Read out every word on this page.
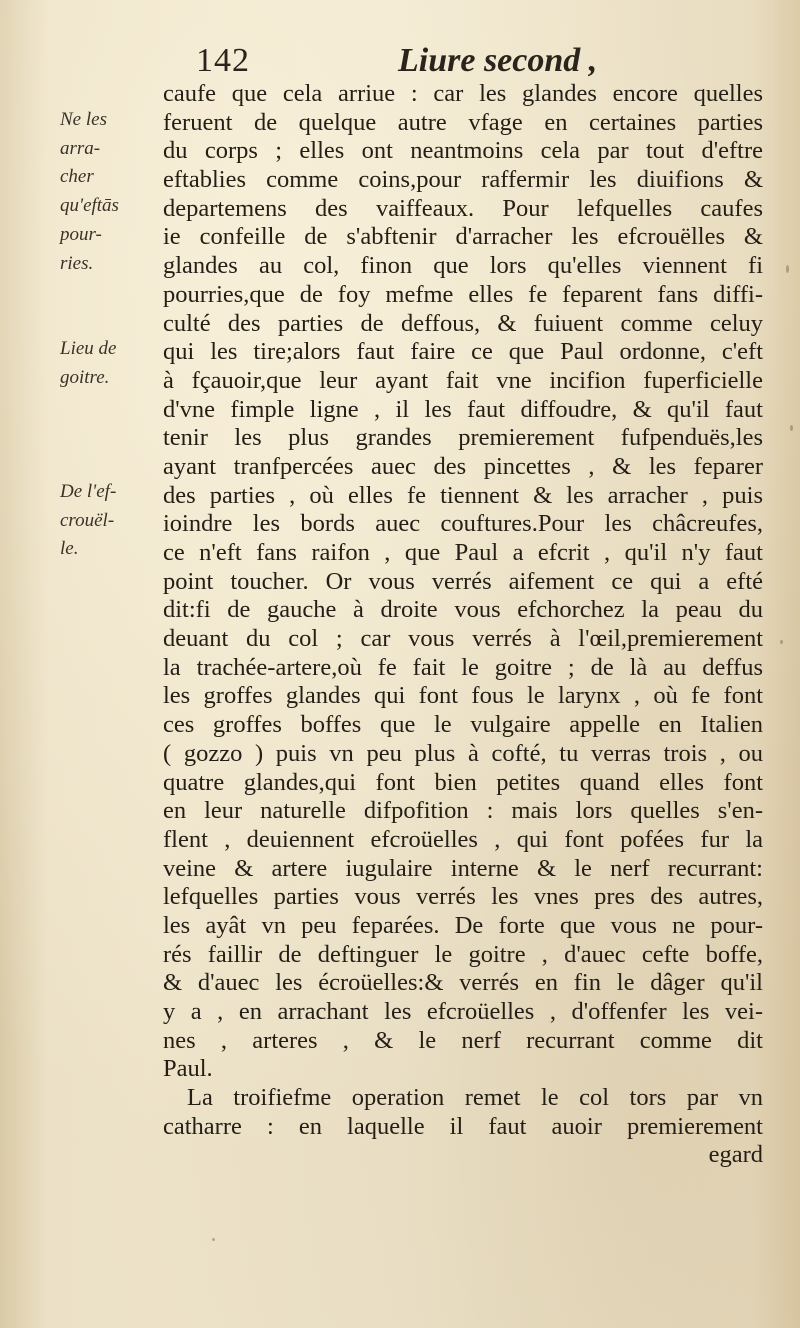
142	Liure second ,
caufe que cela arriue : car les glandes encore quelles
feruent de quelque autre vfage en certaines parties
du corps ; elles ont neantmoins cela par tout d'eftre
eftablies comme coins,pour raffermir les diuifions &
departemens des vaiffeaux. Pour lefquelles caufes
ie confeille de s'abftenir d'arracher les efcrouëlles &
glandes au col, finon que lors qu'elles viennent fi
pourries,que de foy mefme elles fe feparent fans diffi-
culté des parties de deffous, & fuiuent comme celuy
qui les tire;alors faut faire ce que Paul ordonne, c'eft
à fçauoir,que leur ayant fait vne incifion fuperficielle
d'vne fimple ligne , il les faut diffoudre, & qu'il faut
tenir les plus grandes premierement fufpenduës,les
ayant tranfpercées auec des pincettes , & les feparer
des parties , où elles fe tiennent & les arracher , puis
ioindre les bords auec couftures.Pour les châcreufes,
ce n'eft fans raifon , que Paul a efcrit , qu'il n'y faut
point toucher. Or vous verrés aifement ce qui a efté
dit:fi de gauche à droite vous efchorchez la peau du
deuant du col ; car vous verrés à l'œil,premierement
la trachée-artere,où fe fait le goitre ; de là au deffus
les groffes glandes qui font fous le larynx , où fe font
ces groffes boffes que le vulgaire appelle en Italien
( gozzo ) puis vn peu plus à cofté, tu verras trois , ou
quatre glandes,qui font bien petites quand elles font
en leur naturelle difpofition : mais lors quelles s'en-
flent , deuiennent efcroüelles , qui font pofées fur la
veine & artere iugulaire interne & le nerf recurrant:
lefquelles parties vous verrés les vnes pres des autres,
les ayât vn peu feparées. De forte que vous ne pour-
rés faillir de deftinguer le goitre , d'auec cefte boffe,
& d'auec les écroüelles:& verrés en fin le dâger qu'il
y a , en arrachant les efcroüelles , d'offenfer les vei-
nes , arteres , & le nerf recurrant comme dit
Paul.
La troifiefme operation remet le col tors par vn
catharre : en laquelle il faut auoir premierement
egard
Ne les
arra-
cher
qu'eftās
pour-
ries.
Lieu de
goitre.
De l'ef-
crouël-
le.
